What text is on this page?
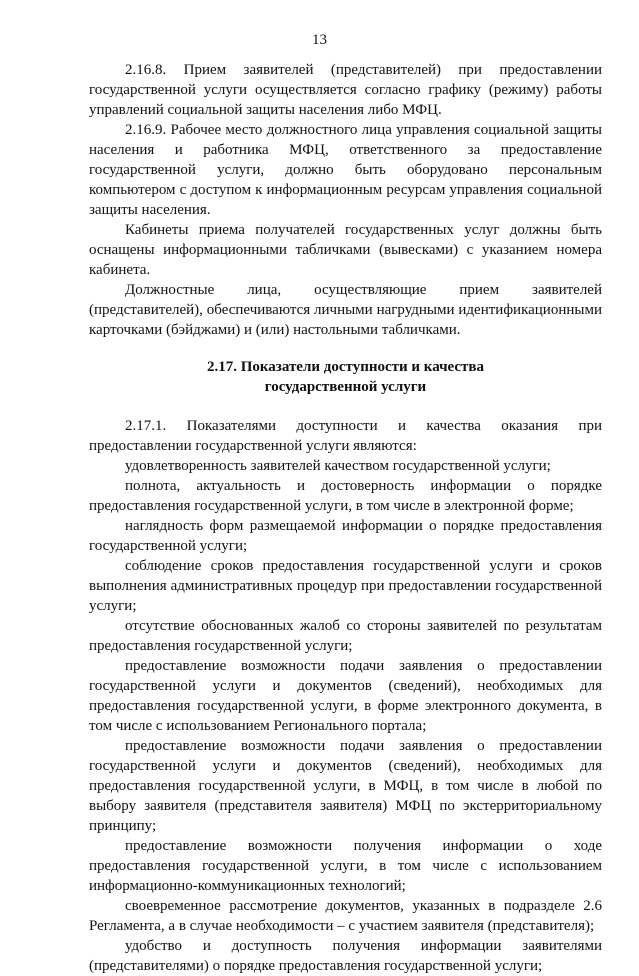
13

2.16.8. Прием заявителей (представителей) при предоставлении государственной услуги осуществляется согласно графику (режиму) работы управлений социальной защиты населения либо МФЦ.

2.16.9. Рабочее место должностного лица управления социальной защиты населения и работника МФЦ, ответственного за предоставление государственной услуги, должно быть оборудовано персональным компьютером с доступом к информационным ресурсам управления социальной защиты населения.

Кабинеты приема получателей государственных услуг должны быть оснащены информационными табличками (вывесками) с указанием номера кабинета.

Должностные лица, осуществляющие прием заявителей (представителей), обеспечиваются личными нагрудными идентификационными карточками (бэйджами) и (или) настольными табличками.

2.17. Показатели доступности и качества
государственной услуги

2.17.1. Показателями доступности и качества оказания при предоставлении государственной услуги являются:

удовлетворенность заявителей качеством государственной услуги;

полнота, актуальность и достоверность информации о порядке предоставления государственной услуги, в том числе в электронной форме;

наглядность форм размещаемой информации о порядке предоставления государственной услуги;

соблюдение сроков предоставления государственной услуги и сроков выполнения административных процедур при предоставлении государственной услуги;

отсутствие обоснованных жалоб со стороны заявителей по результатам предоставления государственной услуги;

предоставление возможности подачи заявления о предоставлении государственной услуги и документов (сведений), необходимых для предоставления государственной услуги, в форме электронного документа, в том числе с использованием Регионального портала;

предоставление возможности подачи заявления о предоставлении государственной услуги и документов (сведений), необходимых для предоставления государственной услуги, в МФЦ, в том числе в любой по выбору заявителя (представителя заявителя) МФЦ по экстерриториальному принципу;

предоставление возможности получения информации о ходе предоставления государственной услуги, в том числе с использованием информационно-коммуникационных технологий;

своевременное рассмотрение документов, указанных в подразделе 2.6 Регламента, а в случае необходимости – с участием заявителя (представителя);

удобство и доступность получения информации заявителями (представителями) о порядке предоставления государственной услуги;
